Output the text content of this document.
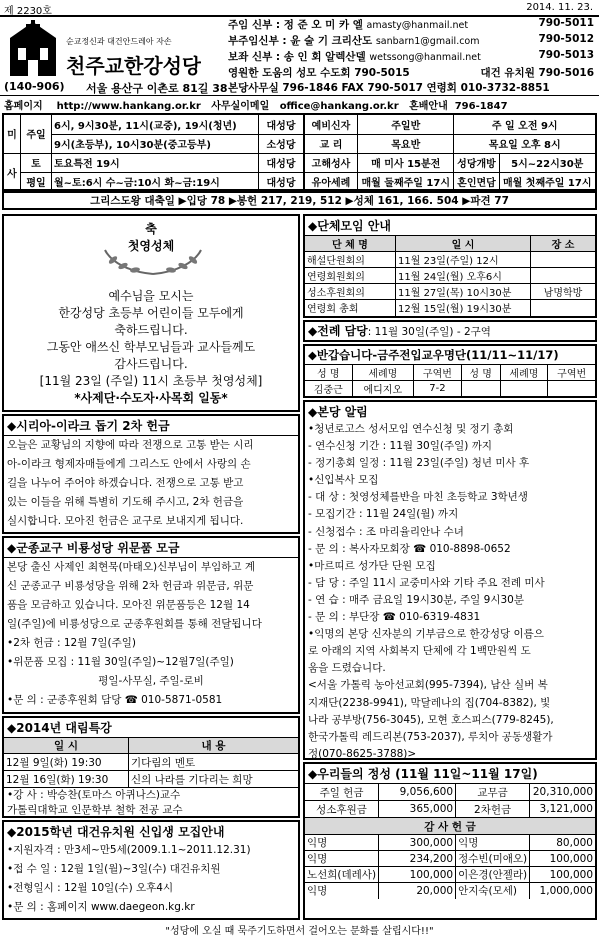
제 2230호	2014. 11. 23.
순교정신과 대건안드레아 자손
천주교한강성당
(140-906) 서울 용산구 이촌로 81길 38
주임 신부 : 정 준 오 미 카 엘 amasty@hanmail.net	790-5011
부주임신부 : 윤 술 기 크리산도 sanbarn1@gmail.com	790-5012
보좌 신부 : 송 인 회 알렉산델 wetssong@hanmail.net	790-5013
영원한 도움의 성모 수도회 790-5015	대건 유치원 790-5016
본당사무실 796-1846 FAX 790-5017 연령회 010-3732-8851
홈페이지 http://www.hankang.or.kr 사무실이메일 office@hankang.or.kr 혼배안내 796-1847
미	주일	6시, 9시30분, 11시(교중), 19시(청년)	대성당
		9시(초등부), 10시30분(중고등부)	소성당
사	토	토요특전 19시	대성당
	평일	월~토:6시 수~금:10시 화~금:19시	대성당
예비신자	주일반	주 일 오전 9시	
교 리	목요반	목요일 오후 8시	
고해성사	매 미사 15분전	성당개방	5시~22시30분
유아세례	매월 둘째주일 17시	혼인면담	매월 첫째주일 17시
그리스도왕 대축일 ▶입당 78 ▶봉헌 217, 219, 512 ▶성체 161, 166. 504 ▶파견 77
축
첫영성체
예수님을 모시는
한강성당 초등부 어린이들 모두에게
축하드립니다.
그동안 애쓰신 학부모님들과 교사들께도
감사드립니다.
[11월 23일 (주일) 11시 초등부 첫영성체]
*사제단·수도자·사목회 일동*
◆시리아-이라크 돕기 2차 헌금
오늘은 교황님의 지향에 따라 전쟁으로 고통 받는 시리
아-이라크 형제자매들에게 그리스도 안에서 사랑의 손
길을 나누어 주어야 하겠습니다. 전쟁으로 고통 받고
있는 이들을 위해 특별히 기도해 주시고, 2차 헌금을
실시합니다. 모아진 헌금은 교구로 보내지게 됩니다.
◆군종교구 비룡성당 위문품 모금
본당 출신 사제인 최현묵(마태오)신부님이 부임하고 계
신 군종교구 비룡성당을 위해 2차 헌금과 위문금, 위문
품을 모금하고 있습니다. 모아진 위문품등은 12월 14
일(주일)에 비룡성당으로 군종후원회를 통해 전달됩니다
•2차 헌금 : 12월 7일(주일)
•위문품 모집 : 11월 30일(주일)~12월7일(주일)
평일-사무실, 주일-로비
•문 의 : 군종후원회 담당 ☎ 010-5871-0581
◆2014년 대림특강
일 시	내 용
12월 9일(화) 19:30	기다림의 멘토
12월 16일(화) 19:30	신의 나라를 기다리는 희망
•강 사 : 박승찬(토마스 아퀴나스)교수
가톨릭대학교 인문학부 철학 전공 교수
◆2015학년 대건유치원 신입생 모집안내
•지원자격 : 만3세~만5세(2009.1.1~2011.12.31)
•접 수 일 : 12월 1일(월)~3일(수) 대건유치원
•전형일시 : 12월 10일(수) 오후4시
•문 의 : 홈페이지 www.daegeon.kg.kr
◆단체모임 안내
단 체 명	일 시	장 소
해설단원회의	11월 23일(주일) 12시	
연령회원회의	11월 24일(월) 오후6시	
성소후원회의	11월 27일(목) 10시30분	남명학방
연령회 총회	12월 15일(월) 19시30분	
◆전례 담당: 11월 30일(주일) - 2구역
◆반갑습니다-금주전입교우명단(11/11~11/17)
성 명	세례명	구역번	성 명	세례명	구역번
김중근	에디지오	7-2			
◆본당 알림
•청년로고스 성서모임 연수신청 및 정기 총회
- 연수신청 기간 : 11월 30일(주일) 까지
- 정기총회 일정 : 11월 23일(주일) 청년 미사 후
•신입복사 모집
- 대 상 : 첫영성체를반을 마친 초등학교 3학년생
- 모집기간 : 11월 24일(월) 까지
- 신청접수 : 조 마리율리안나 수녀
- 문 의 : 복사자모회장 ☎ 010-8898-0652
•마르띠르 성가단 단원 모집
- 담 당 : 주일 11시 교중미사와 기타 주요 전례 미사
- 연 습 : 매주 금요일 19시30분, 주일 9시30분
- 문 의 : 부단장 ☎ 010-6319-4831
•익명의 본당 신자분의 기부금으로 한강성당 이름으
로 아래의 지역 사회복지 단체에 각 1백만원씩 도
움을 드렸습니다.
<서울 가톨릭 농아선교회(995-7394), 남산 실버 복
지재단(2238-9941), 막달레나의 집(704-8382), 빛
나라 공부방(756-3045), 모현 호스피스(779-8245),
한국가톨릭 레드리본(753-2037), 루치아 공동생활가
정(070-8625-3788)>
◆우리들의 정성 (11월 11일~11월 17일)
주일 헌금	9,056,600	교무금	20,310,000
성소후원금	365,000	2차헌금	3,121,000
감 사 헌 금			
익명	300,000	익명	80,000
익명	234,200	정수빈(미애오)	100,000
노선희(데레사)	100,000	이은경(안젤라)	100,000
익명	20,000	안지숙(모세)	1,000,000
"성당에 오실 때 묵주기도하면서 걸어오는 문화를 살립시다!!"
